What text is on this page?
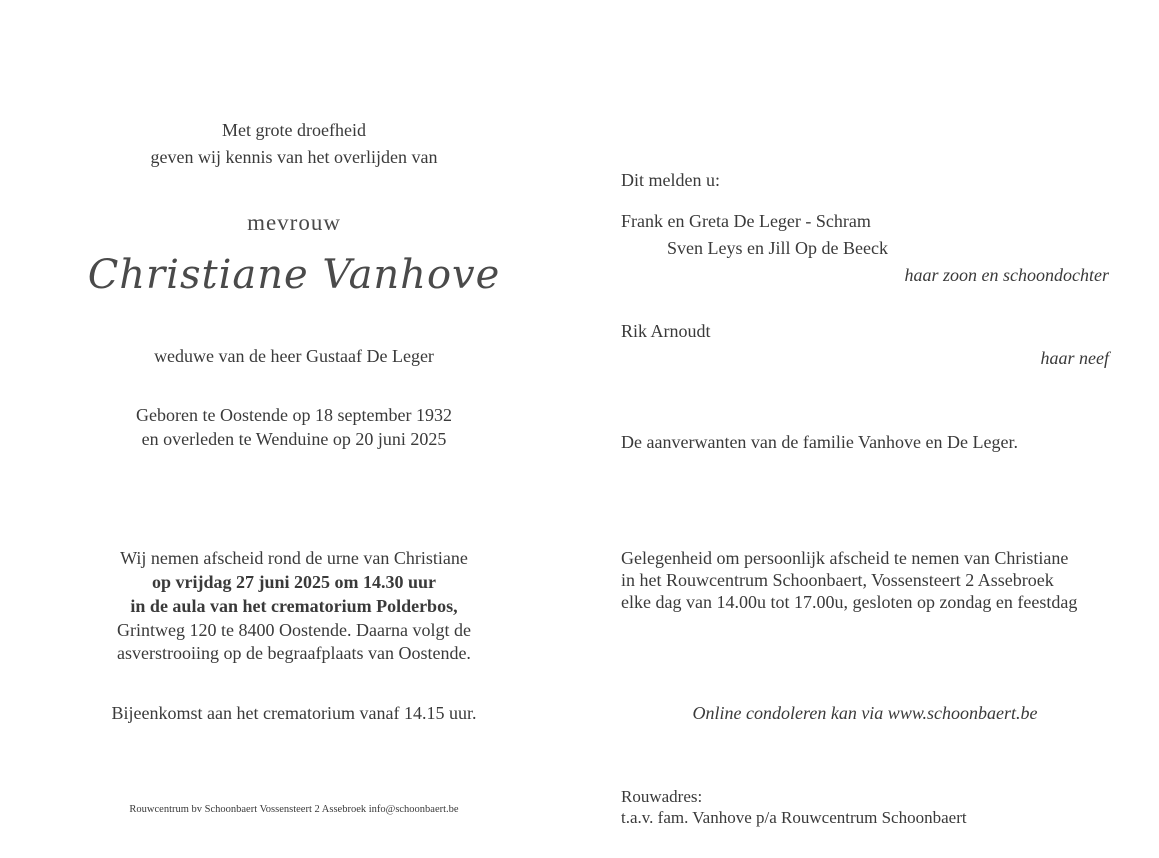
Met grote droefheid
geven wij kennis van het overlijden van
mevrouw
Christiane Vanhove
weduwe van de heer Gustaaf De Leger
Geboren te Oostende op 18 september 1932
en overleden te Wenduine op 20 juni 2025
Wij nemen afscheid rond de urne van Christiane
op vrijdag 27 juni 2025 om 14.30 uur
in de aula van het crematorium Polderbos,
Grintweg 120 te 8400 Oostende. Daarna volgt de
asverstrooiing op de begraafplaats van Oostende.
Bijeenkomst aan het crematorium vanaf 14.15 uur.
Rouwcentrum bv Schoonbaert Vossensteert 2 Assebroek info@schoonbaert.be
Dit melden u:
Frank en Greta De Leger - Schram
Sven Leys en Jill Op de Beeck
haar zoon en schoondochter
Rik Arnoudt
haar neef
De aanverwanten van de familie Vanhove en De Leger.
Gelegenheid om persoonlijk afscheid te nemen van Christiane
in het Rouwcentrum Schoonbaert, Vossensteert 2 Assebroek
elke dag van 14.00u tot 17.00u, gesloten op zondag en feestdag
Online condoleren kan via www.schoonbaert.be
Rouwadres:
t.a.v. fam. Vanhove p/a Rouwcentrum Schoonbaert
